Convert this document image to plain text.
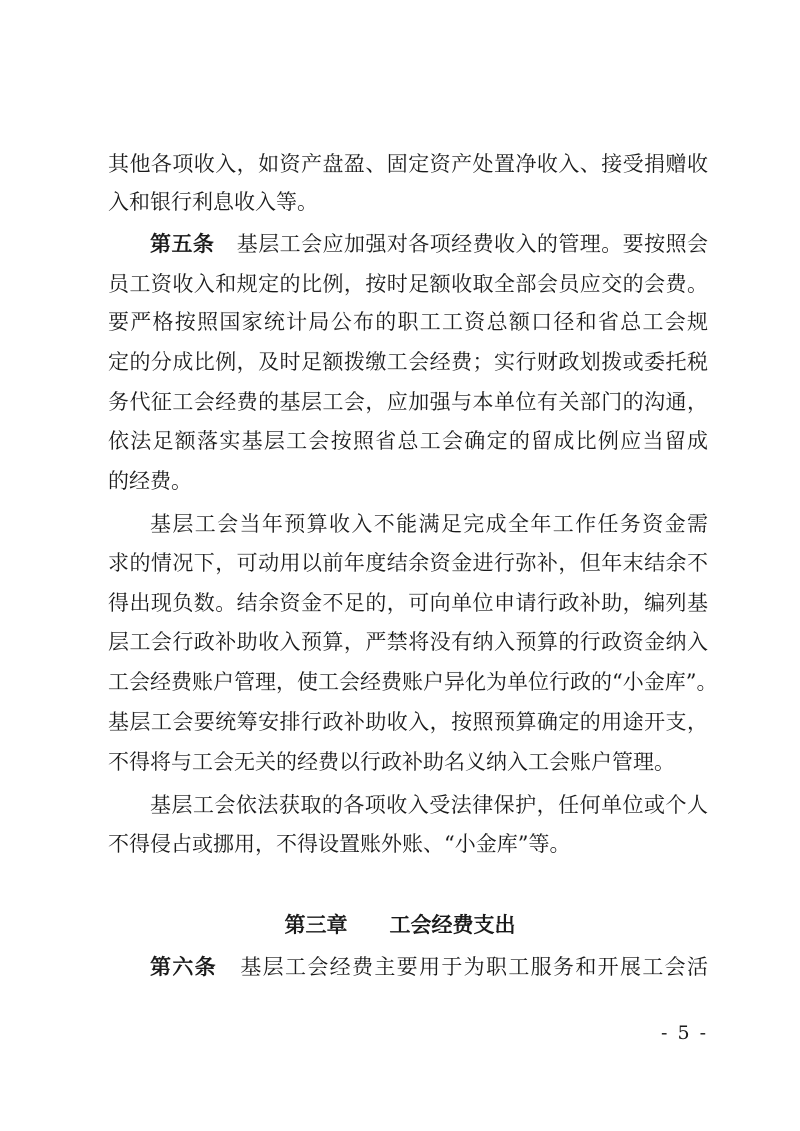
其他各项收入，如资产盘盈、固定资产处置净收入、接受捐赠收
入和银行利息收入等。
第五条 基层工会应加强对各项经费收入的管理。要按照会
员工资收入和规定的比例，按时足额收取全部会员应交的会费。
要严格按照国家统计局公布的职工工资总额口径和省总工会规
定的分成比例，及时足额拨缴工会经费；实行财政划拨或委托税
务代征工会经费的基层工会，应加强与本单位有关部门的沟通，
依法足额落实基层工会按照省总工会确定的留成比例应当留成
的经费。
基层工会当年预算收入不能满足完成全年工作任务资金需
求的情况下，可动用以前年度结余资金进行弥补，但年末结余不
得出现负数。结余资金不足的，可向单位申请行政补助，编列基
层工会行政补助收入预算，严禁将没有纳入预算的行政资金纳入
工会经费账户管理，使工会经费账户异化为单位行政的“小金库”。
基层工会要统筹安排行政补助收入，按照预算确定的用途开支，
不得将与工会无关的经费以行政补助名义纳入工会账户管理。
基层工会依法获取的各项收入受法律保护，任何单位或个人
不得侵占或挪用，不得设置账外账、“小金库”等。
第三章 工会经费支出
第六条 基层工会经费主要用于为职工服务和开展工会活
- 5 -
